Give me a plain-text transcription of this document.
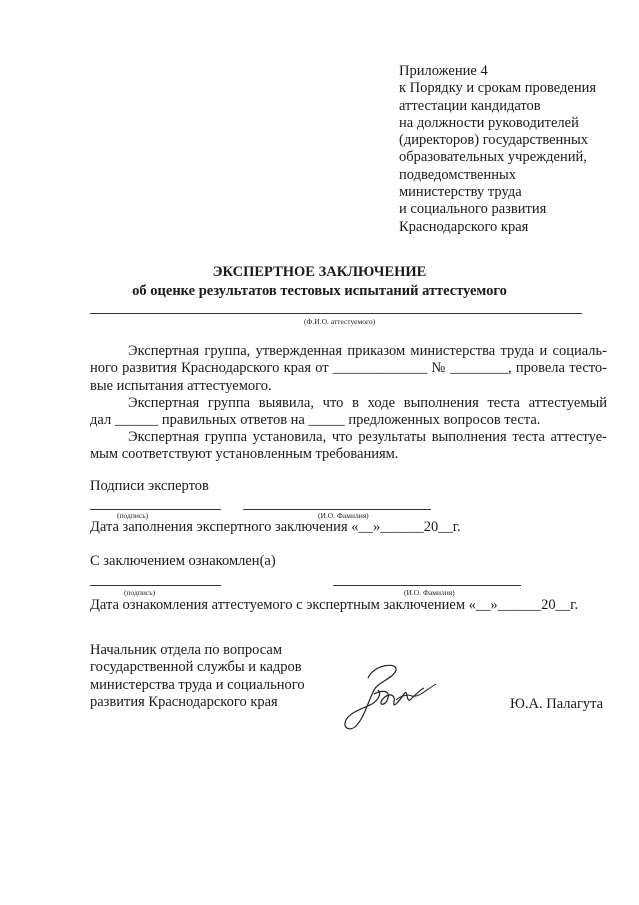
Приложение 4
к Порядку и срокам проведения
аттестации кандидатов
на должности руководителей
(директоров) государственных
образовательных учреждений,
подведомственных
министерству труда
и социального развития
Краснодарского края
ЭКСПЕРТНОЕ ЗАКЛЮЧЕНИЕ
об оценке результатов тестовых испытаний аттестуемого
(Ф.И.О. аттестуемого)
Экспертная группа, утвержденная приказом министерства труда и социаль-
ного развития Краснодарского края от _____________ № ________, провела тесто-
вые испытания аттестуемого.
Экспертная группа выявила, что в ходе выполнения теста аттестуемый
дал ______ правильных ответов на _____ предложенных вопросов теста.
Экспертная группа установила, что результаты выполнения теста аттестуе-
мым соответствуют установленным требованиям.
Подписи экспертов
(подпись)	(И.О. Фамилия)
Дата заполнения экспертного заключения «__»______20__г.
С заключением ознакомлен(а)
(подпись)	(И.О. Фамилия)
Дата ознакомления аттестуемого с экспертным заключением «__»______20__г.
Начальник отдела по вопросам
государственной службы и кадров
министерства труда и социального
развития Краснодарского края	Ю.А. Палагута
